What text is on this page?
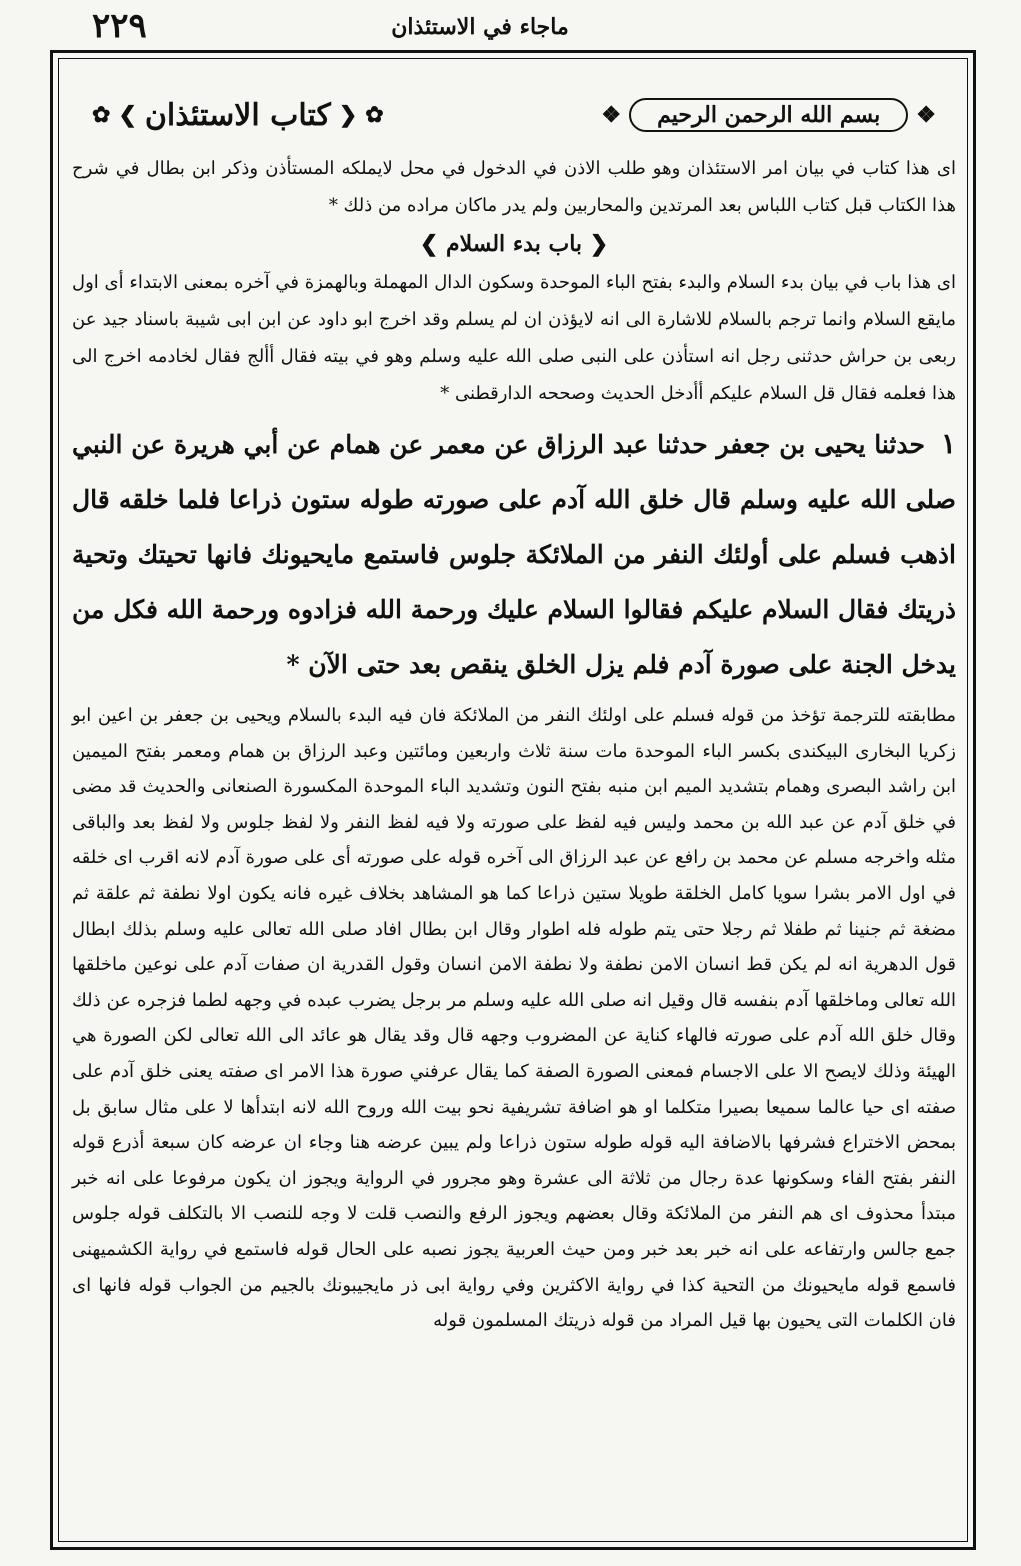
٢٢٩	ماجاء في الاستئذان
❖
بسم الله الرحمن الرحيم
❖
✿
❮
كتاب الاستئذان
❯
✿

اى هذا كتاب في بيان امر الاستئذان وهو طلب الاذن في الدخول في محل لايملكه المستأذن وذكر ابن بطال في شرح هذا الكتاب قبل كتاب اللباس بعد المرتدين والمحاربين ولم يدر ماكان مراده من ذلك *

❮ باب بدء السلام ❯

اى هذا باب في بيان بدء السلام والبدء بفتح الباء الموحدة وسكون الدال المهملة وبالهمزة في آخره بمعنى الابتداء أى اول مايقع السلام وانما ترجم بالسلام للاشارة الى انه لايؤذن ان لم يسلم وقد اخرج ابو داود عن ابن ابى شيبة باسناد جيد عن ربعى بن حراش حدثنى رجل انه استأذن على النبى صلى الله عليه وسلم وهو في بيته فقال أألج فقال لخادمه اخرج الى هذا فعلمه فقال قل السلام عليكم أأدخل الحديث وصححه الدارقطنى *

١حدثنا يحيى بن جعفر حدثنا عبد الرزاق عن معمر عن همام عن أبي هريرة عن النبي صلى الله عليه وسلم قال خلق الله آدم على صورته طوله ستون ذراعا فلما خلقه قال اذهب فسلم على أولئك النفر من الملائكة جلوس فاستمع مايحيونك فانها تحيتك وتحية ذريتك فقال السلام عليكم فقالوا السلام عليك ورحمة الله فزادوه ورحمة الله فكل من يدخل الجنة على صورة آدم فلم يزل الخلق ينقص بعد حتى الآن *

مطابقته للترجمة تؤخذ من قوله فسلم على اولئك النفر من الملائكة فان فيه البدء بالسلام ويحيى بن جعفر بن اعين ابو زكريا البخارى البيكندى بكسر الباء الموحدة مات سنة ثلاث واربعين ومائتين وعبد الرزاق بن همام ومعمر بفتح الميمين ابن راشد البصرى وهمام بتشديد الميم ابن منبه بفتح النون وتشديد الباء الموحدة المكسورة الصنعانى والحديث قد مضى في خلق آدم عن عبد الله بن محمد وليس فيه لفظ على صورته ولا فيه لفظ النفر ولا لفظ جلوس ولا لفظ بعد والباقى مثله واخرجه مسلم عن محمد بن رافع عن عبد الرزاق الى آخره قوله على صورته أى على صورة آدم لانه اقرب اى خلقه في اول الامر بشرا سويا كامل الخلقة طويلا ستين ذراعا كما هو المشاهد بخلاف غيره فانه يكون اولا نطفة ثم علقة ثم مضغة ثم جنينا ثم طفلا ثم رجلا حتى يتم طوله فله اطوار وقال ابن بطال افاد صلى الله تعالى عليه وسلم بذلك ابطال قول الدهرية انه لم يكن قط انسان الامن نطفة ولا نطفة الامن انسان وقول القدرية ان صفات آدم على نوعين ماخلقها الله تعالى وماخلقها آدم بنفسه قال وقيل انه صلى الله عليه وسلم مر برجل يضرب عبده في وجهه لطما فزجره عن ذلك وقال خلق الله آدم على صورته فالهاء كناية عن المضروب وجهه قال وقد يقال هو عائد الى الله تعالى لكن الصورة هي الهيئة وذلك لايصح الا على الاجسام فمعنى الصورة الصفة كما يقال عرفني صورة هذا الامر اى صفته يعنى خلق آدم على صفته اى حيا عالما سميعا بصيرا متكلما او هو اضافة تشريفية نحو بيت الله وروح الله لانه ابتدأها لا على مثال سابق بل بمحض الاختراع فشرفها بالاضافة اليه قوله طوله ستون ذراعا ولم يبين عرضه هنا وجاء ان عرضه كان سبعة أذرع قوله النفر بفتح الفاء وسكونها عدة رجال من ثلاثة الى عشرة وهو مجرور في الرواية ويجوز ان يكون مرفوعا على انه خبر مبتدأ محذوف اى هم النفر من الملائكة وقال بعضهم ويجوز الرفع والنصب قلت لا وجه للنصب الا بالتكلف قوله جلوس جمع جالس وارتفاعه على انه خبر بعد خبر ومن حيث العربية يجوز نصبه على الحال قوله فاستمع في رواية الكشميهنى فاسمع قوله مايحيونك من التحية كذا في رواية الاكثرين وفي رواية ابى ذر مايجيبونك بالجيم من الجواب قوله فانها اى فان الكلمات التى يحيون بها قيل المراد من قوله ذريتك المسلمون قوله
